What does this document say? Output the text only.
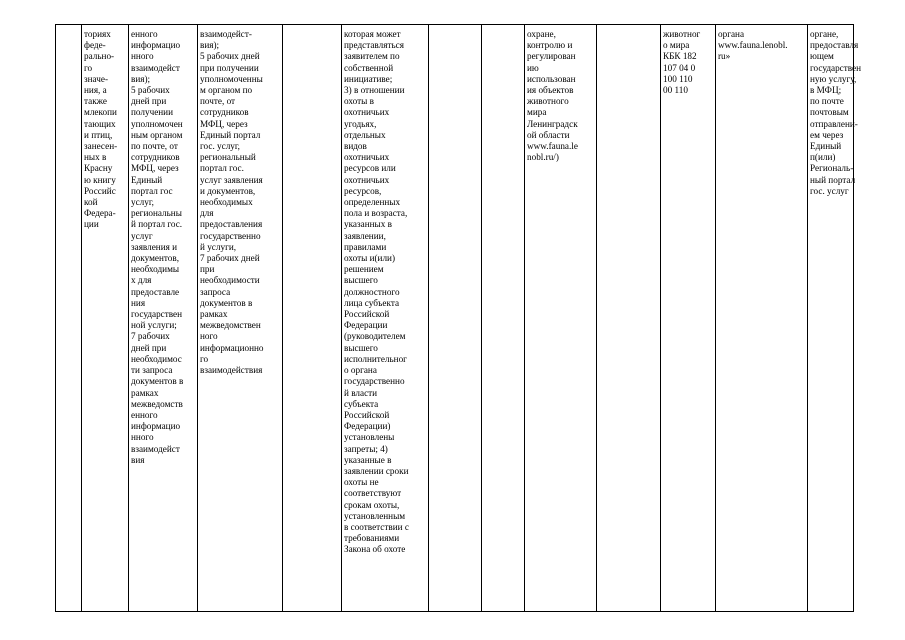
ториях
феде-
рально-
го
значе-
ния, а
также
млекопи
тающих
и птиц,
занесен-
ных в
Красну
ю книгу
Российс
кой
Федера-
ции
енного
информацио
нного
взаимодейст
вия);
5 рабочих
дней при
получении
уполномочен
ным органом
по почте, от
сотрудников
МФЦ, через
Единый
портал гос
услуг,
региональны
й портал гос.
услуг
заявления и
документов,
необходимы
х для
предоставле
ния
государствен
ной услуги;
7 рабочих
дней при
необходимос
ти запроса
документов в
рамках
межведомств
енного
информацио
нного
взаимодейст
вия
взаимодейст-
вия);
5 рабочих дней
при получении
уполномоченны
м органом по
почте, от
сотрудников
МФЦ, через
Единый портал
гос. услуг,
региональный
портал гос.
услуг заявления
и документов,
необходимых
для
предоставления
государственно
й услуги,
7 рабочих дней
при
необходимости
запроса
документов в
рамках
межведомствен
ного
информационно
го
взаимодействия
которая может
представляться
заявителем по
собственной
инициативе;
3) в отношении
охоты в
охотничьих
угодьях,
отдельных
видов
охотничьих
ресурсов или
охотничьих
ресурсов,
определенных
пола и возраста,
указанных в
заявлении,
правилами
охоты и(или)
решением
высшего
должностного
лица субъекта
Российской
Федерации
(руководителем
высшего
исполнительног
о органа
государственно
й власти
субъекта
Российской
Федерации)
установлены
запреты; 4)
указанные в
заявлении сроки
охоты не
соответствуют
срокам охоты,
установленным
в соответствии с
требованиями
Закона об охоте
охране,
контролю и
регулирован
ию
использован
ия объектов
животного
мира
Ленинградск
ой области
www.fauna.le
nobl.ru/)
животног
о мира
КБК 182
107 04 0
100 110
00 110
органа
www.fauna.lenobl.
ru»
органе,
предоставля
ющем
государствен
ную услугу,
в МФЦ;
по почте
почтовым
отправлени-
ем через
Единый
п(или)
Региональ-
ный портал
гос. услуг
